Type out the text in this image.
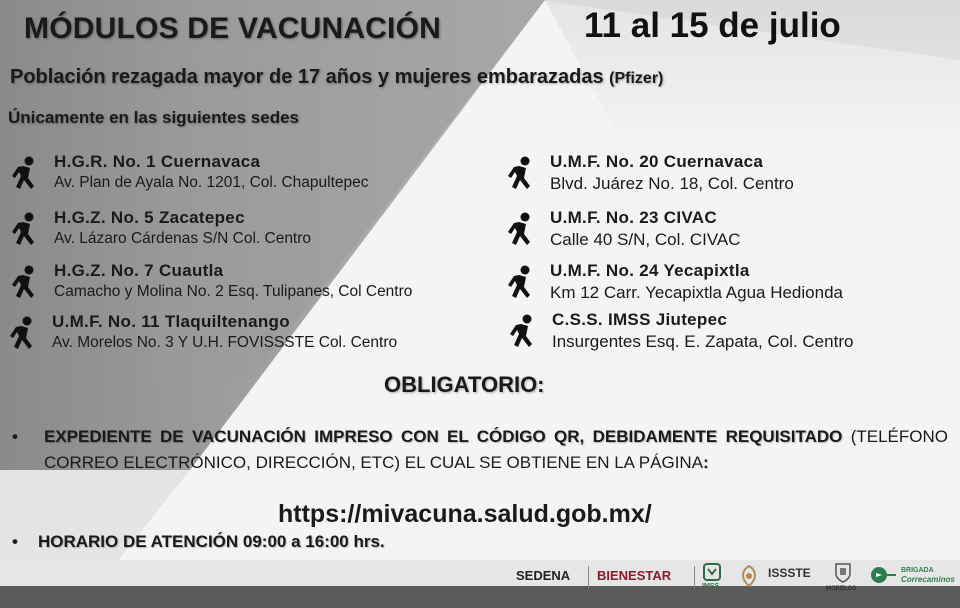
MÓDULOS DE VACUNACIÓN	11 al 15 de julio
Población rezagada mayor de 17 años y mujeres embarazadas (Pfizer)
Únicamente en las siguientes sedes
H.G.R. No. 1 Cuernavaca
Av. Plan de Ayala No. 1201, Col. Chapultepec
H.G.Z. No. 5 Zacatepec
Av. Lázaro Cárdenas S/N Col. Centro
H.G.Z. No. 7 Cuautla
Camacho y Molina No. 2 Esq. Tulipanes, Col Centro
U.M.F. No. 11 Tlaquiltenango
Av. Morelos No. 3 Y U.H. FOVISSSTE Col. Centro
U.M.F. No. 20 Cuernavaca
Blvd. Juárez No. 18, Col. Centro
U.M.F. No. 23 CIVAC
Calle 40 S/N, Col. CIVAC
U.M.F. No. 24 Yecapixtla
Km 12 Carr. Yecapixtla Agua Hedionda
C.S.S. IMSS Jiutepec
Insurgentes Esq. E. Zapata, Col. Centro
OBLIGATORIO:
• EXPEDIENTE DE VACUNACIÓN IMPRESO CON EL CÓDIGO QR, DEBIDAMENTE REQUISITADO (TELÉFONO CORREO ELECTRÓNICO, DIRECCIÓN, ETC) EL CUAL SE OBTIENE EN LA PÁGINA:
https://mivacuna.salud.gob.mx/
• HORARIO DE ATENCIÓN 09:00 a 16:00 hrs.
SEDENA BIENESTAR
IMSS
ISSSTE
MORELOS
BRIGADA
Correcaminos
